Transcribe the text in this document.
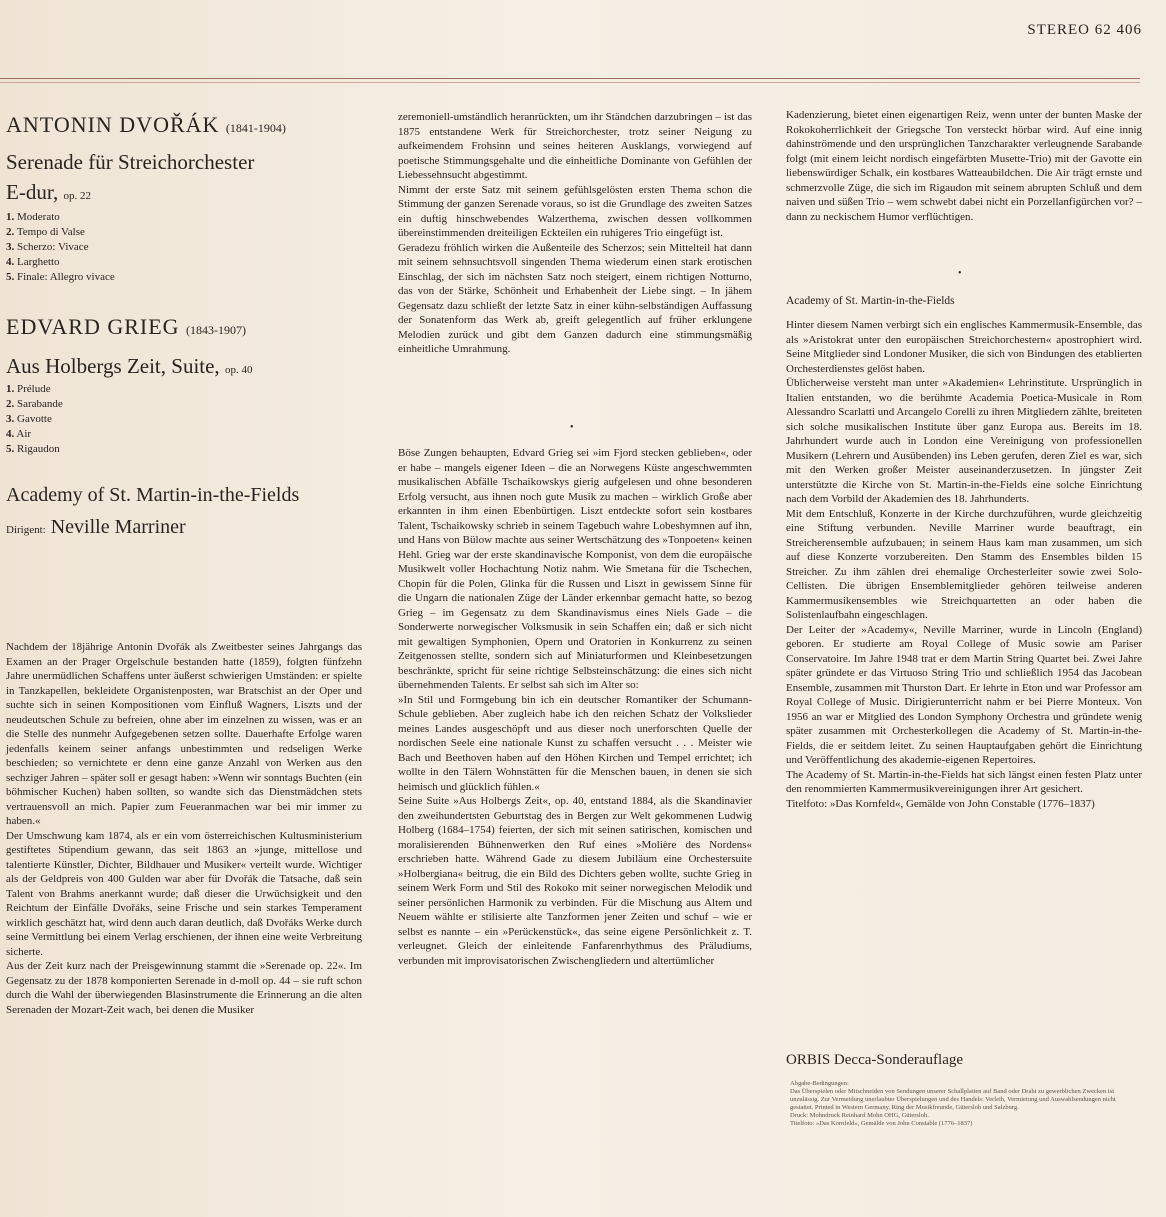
STEREO 62 406
ANTONIN DVOŘÁK (1841-1904)
Serenade für Streichorchester
E-dur, op. 22
1. Moderato
2. Tempo di Valse
3. Scherzo: Vivace
4. Larghetto
5. Finale: Allegro vivace
EDVARD GRIEG (1843-1907)
Aus Holbergs Zeit, Suite, op. 40
1. Prélude
2. Sarabande
3. Gavotte
4. Air
5. Rigaudon
Academy of St. Martin-in-the-Fields
Dirigent: Neville Marriner

Nachdem der 18jährige Antonín Dvořák als Zweitbester seines Jahrgangs das Examen an der Prager Orgelschule bestanden hatte (1859), folgten fünfzehn Jahre unermüdlichen Schaffens unter äußerst schwierigen Umständen: er spielte in Tanzkapellen, bekleidete Organistenposten, war Bratschist an der Oper und suchte sich in seinen Kompositionen vom Einfluß Wagners, Liszts und der neudeutschen Schule zu befreien, ohne aber im einzelnen zu wissen, was er an die Stelle des nunmehr Aufgegebenen setzen sollte. Dauerhafte Erfolge waren jedenfalls keinem seiner anfangs unbestimmten und redseligen Werke beschieden; so vernichtete er denn eine ganze Anzahl von Werken aus den sechziger Jahren – später soll er gesagt haben: »Wenn wir sonntags Buchten (ein böhmischer Kuchen) haben sollten, so wandte sich das Dienstmädchen stets vertrauensvoll an mich. Papier zum Feueranmachen war bei mir immer zu haben.«

Der Umschwung kam 1874, als er ein vom österreichischen Kultusministerium gestiftetes Stipendium gewann, das seit 1863 an »junge, mittellose und talentierte Künstler, Dichter, Bildhauer und Musiker« verteilt wurde. Wichtiger als der Geldpreis von 400 Gulden war aber für Dvořák die Tatsache, daß sein Talent von Brahms anerkannt wurde; daß dieser die Urwüchsigkeit und den Reichtum der Einfälle Dvořáks, seine Frische und sein starkes Temperament wirklich geschätzt hat, wird denn auch daran deutlich, daß Dvořáks Werke durch seine Vermittlung bei einem Verlag erschienen, der ihnen eine weite Verbreitung sicherte.

Aus der Zeit kurz nach der Preisgewinnung stammt die »Serenade op. 22«. Im Gegensatz zu der 1878 komponierten Serenade in d-moll op. 44 – sie ruft schon durch die Wahl der überwiegenden Blasinstrumente die Erinnerung an die alten Serenaden der Mozart-Zeit wach, bei denen die Musiker

zeremoniell-umständlich heranrückten, um ihr Ständchen darzubringen – ist das 1875 entstandene Werk für Streichorchester, trotz seiner Neigung zu aufkeimendem Frohsinn und seines heiteren Ausklangs, vorwiegend auf poetische Stimmungsgehalte und die einheitliche Dominante von Gefühlen der Liebessehnsucht abgestimmt.

Nimmt der erste Satz mit seinem gefühlsgelösten ersten Thema schon die Stimmung der ganzen Serenade voraus, so ist die Grundlage des zweiten Satzes ein duftig hinschwebendes Walzerthema, zwischen dessen vollkommen übereinstimmenden dreiteiligen Eckteilen ein ruhigeres Trio eingefügt ist.

Geradezu fröhlich wirken die Außenteile des Scherzos; sein Mittelteil hat dann mit seinem sehnsuchtsvoll singenden Thema wiederum einen stark erotischen Einschlag, der sich im nächsten Satz noch steigert, einem richtigen Notturno, das von der Stärke, Schönheit und Erhabenheit der Liebe singt. – In jähem Gegensatz dazu schließt der letzte Satz in einer kühn-selbständigen Auffassung der Sonatenform das Werk ab, greift gelegentlich auf früher erklungene Melodien zurück und gibt dem Ganzen dadurch eine stimmungsmäßig einheitliche Umrahmung.

•

Böse Zungen behaupten, Edvard Grieg sei »im Fjord stecken geblieben«, oder er habe – mangels eigener Ideen – die an Norwegens Küste angeschwemmten musikalischen Abfälle Tschaikowskys gierig aufgelesen und ohne besonderen Erfolg versucht, aus ihnen noch gute Musik zu machen – wirklich Große aber erkannten in ihm einen Ebenbürtigen. Liszt entdeckte sofort sein kostbares Talent, Tschaikowsky schrieb in seinem Tagebuch wahre Lobeshymnen auf ihn, und Hans von Bülow machte aus seiner Wertschätzung des »Tonpoeten« keinen Hehl. Grieg war der erste skandinavische Komponist, von dem die europäische Musikwelt voller Hochachtung Notiz nahm. Wie Smetana für die Tschechen, Chopin für die Polen, Glinka für die Russen und Liszt in gewissem Sinne für die Ungarn die nationalen Züge der Länder erkennbar gemacht hatte, so bezog Grieg – im Gegensatz zu dem Skandinavismus eines Niels Gade – die Sonderwerte norwegischer Volksmusik in sein Schaffen ein; daß er sich nicht mit gewaltigen Symphonien, Opern und Oratorien in Konkurrenz zu seinen Zeitgenossen stellte, sondern sich auf Miniaturformen und Kleinbesetzungen beschränkte, spricht für seine richtige Selbsteinschätzung: die eines sich nicht übernehmenden Talents. Er selbst sah sich im Alter so:

»In Stil und Formgebung bin ich ein deutscher Romantiker der Schumann-Schule geblieben. Aber zugleich habe ich den reichen Schatz der Volkslieder meines Landes ausgeschöpft und aus dieser noch unerforschten Quelle der nordischen Seele eine nationale Kunst zu schaffen versucht . . . Meister wie Bach und Beethoven haben auf den Höhen Kirchen und Tempel errichtet; ich wollte in den Tälern Wohnstätten für die Menschen bauen, in denen sie sich heimisch und glücklich fühlen.«

Seine Suite »Aus Holbergs Zeit«, op. 40, entstand 1884, als die Skandinavier den zweihundertsten Geburtstag des in Bergen zur Welt gekommenen Ludwig Holberg (1684–1754) feierten, der sich mit seinen satirischen, komischen und moralisierenden Bühnenwerken den Ruf eines »Molière des Nordens« erschrieben hatte. Während Gade zu diesem Jubiläum eine Orchestersuite »Holbergiana« beitrug, die ein Bild des Dichters geben wollte, suchte Grieg in seinem Werk Form und Stil des Rokoko mit seiner norwegischen Melodik und seiner persönlichen Harmonik zu verbinden. Für die Mischung aus Altem und Neuem wählte er stilisierte alte Tanzformen jener Zeiten und schuf – wie er selbst es nannte – ein »Perückenstück«, das seine eigene Persönlichkeit z. T. verleugnet. Gleich der einleitende Fanfarenrhythmus des Präludiums, verbunden mit improvisatorischen Zwischengliedern und altertümlicher

Kadenzierung, bietet einen eigenartigen Reiz, wenn unter der bunten Maske der Rokokoherrlichkeit der Griegsche Ton versteckt hörbar wird. Auf eine innig dahinströmende und den ursprünglichen Tanzcharakter verleugnende Sarabande folgt (mit einem leicht nordisch eingefärbten Musette-Trio) mit der Gavotte ein liebenswürdiger Schalk, ein kostbares Watteaubildchen. Die Air trägt ernste und schmerzvolle Züge, die sich im Rigaudon mit seinem abrupten Schluß und dem naiven und süßen Trio – wem schwebt dabei nicht ein Porzellanfigürchen vor? – dann zu neckischem Humor verflüchtigen.

•
Academy of St. Martin-in-the-Fields

Hinter diesem Namen verbirgt sich ein englisches Kammermusik-Ensemble, das als »Aristokrat unter den europäischen Streichorchestern« apostrophiert wird. Seine Mitglieder sind Londoner Musiker, die sich von Bindungen des etablierten Orchesterdienstes gelöst haben.

Üblicherweise versteht man unter »Akademien« Lehrinstitute. Ursprünglich in Italien entstanden, wo die berühmte Academia Poetica-Musicale in Rom Alessandro Scarlatti und Arcangelo Corelli zu ihren Mitgliedern zählte, breiteten sich solche musikalischen Institute über ganz Europa aus. Bereits im 18. Jahrhundert wurde auch in London eine Vereinigung von professionellen Musikern (Lehrern und Ausübenden) ins Leben gerufen, deren Ziel es war, sich mit den Werken großer Meister auseinanderzusetzen. In jüngster Zeit unterstützte die Kirche von St. Martin-in-the-Fields eine solche Einrichtung nach dem Vorbild der Akademien des 18. Jahrhunderts.

Mit dem Entschluß, Konzerte in der Kirche durchzuführen, wurde gleichzeitig eine Stiftung verbunden. Neville Marriner wurde beauftragt, ein Streicherensemble aufzubauen; in seinem Haus kam man zusammen, um sich auf diese Konzerte vorzubereiten. Den Stamm des Ensembles bilden 15 Streicher. Zu ihm zählen drei ehemalige Orchesterleiter sowie zwei Solo-Cellisten. Die übrigen Ensemblemitglieder gehören teilweise anderen Kammermusikensembles wie Streichquartetten an oder haben die Solistenlaufbahn eingeschlagen.

Der Leiter der »Academy«, Neville Marriner, wurde in Lincoln (England) geboren. Er studierte am Royal College of Music sowie am Pariser Conservatoire. Im Jahre 1948 trat er dem Martin String Quartet bei. Zwei Jahre später gründete er das Virtuoso String Trio und schließlich 1954 das Jacobean Ensemble, zusammen mit Thurston Dart. Er lehrte in Eton und war Professor am Royal College of Music. Dirigierunterricht nahm er bei Pierre Monteux. Von 1956 an war er Mitglied des London Symphony Orchestra und gründete wenig später zusammen mit Orchesterkollegen die Academy of St. Martin-in-the-Fields, die er seitdem leitet. Zu seinen Hauptaufgaben gehört die Einrichtung und Veröffentlichung des akademie-eigenen Repertoires.

The Academy of St. Martin-in-the-Fields hat sich längst einen festen Platz unter den renommierten Kammermusikvereinigungen ihrer Art gesichert.

Titelfoto: »Das Kornfeld«, Gemälde von John Constable (1776–1837)

ORBIS Decca-Sonderauflage
Abgabe-Bedingungen:
Das Überspielen oder Mitschneiden von Sendungen unserer Schallplatten auf Band oder Draht zu gewerblichen Zwecken ist unzulässig. Zur Vermeidung unerlaubter Überspielungen und des Handels: Verleih, Vermietung und Auswahlsendungen nicht gestattet. Printed in Western Germany. Ring der Musikfreunde, Gütersloh und Salzburg.
Druck: Mohndruck Reinhard Mohn OHG, Gütersloh.
Titelfoto: »Das Kornfeld«, Gemälde von John Constable (1776–1837)
